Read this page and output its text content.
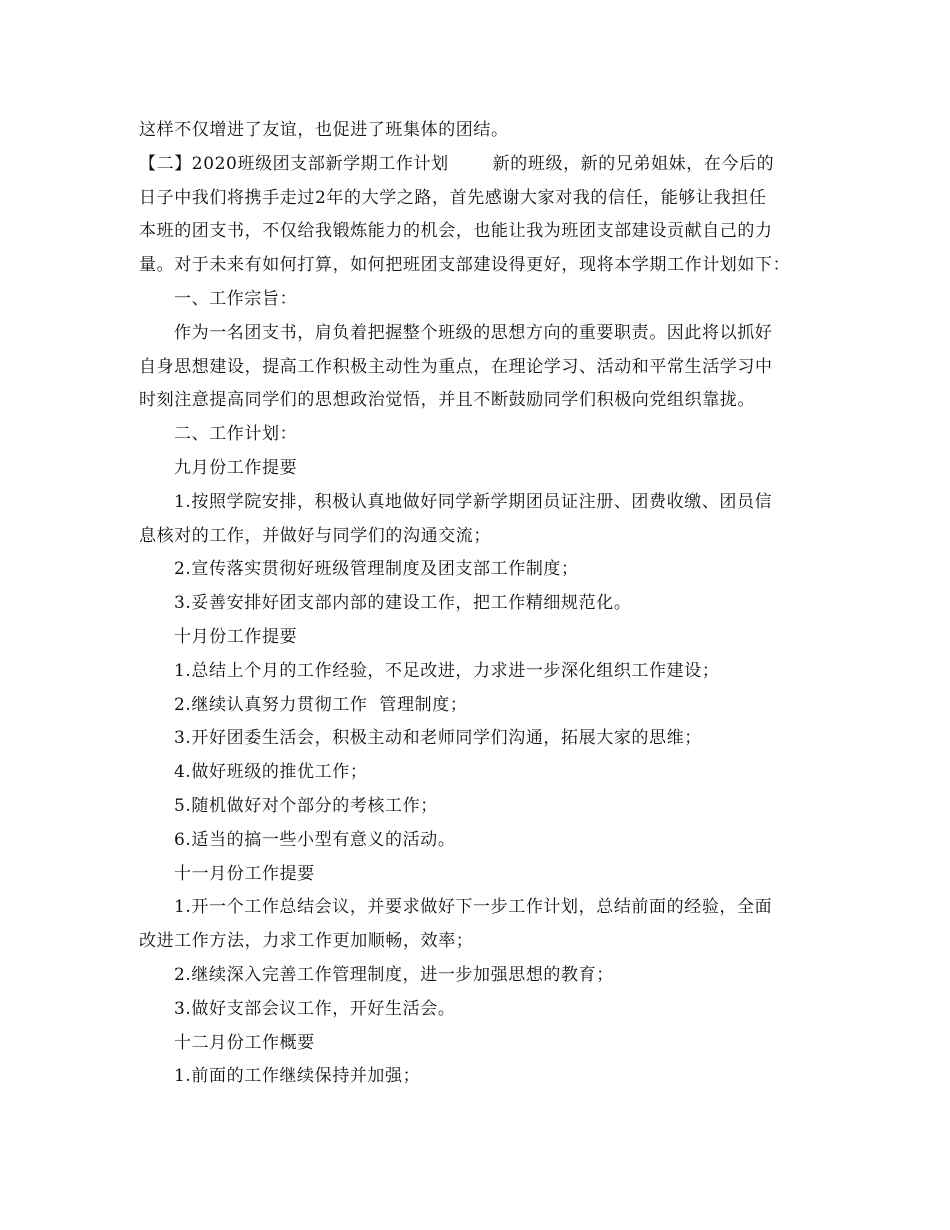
这样不仅增进了友谊，也促进了班集体的团结。

【二】2020班级团支部新学期工作计划	新的班级，新的兄弟姐妹，在今后的

日子中我们将携手走过2年的大学之路，首先感谢大家对我的信任，能够让我担任

本班的团支书，不仅给我锻炼能力的机会，也能让我为班团支部建设贡献自己的力

量。对于未来有如何打算，如何把班团支部建设得更好，现将本学期工作计划如下：

一、工作宗旨：

作为一名团支书，肩负着把握整个班级的思想方向的重要职责。因此将以抓好

自身思想建设，提高工作积极主动性为重点，在理论学习、活动和平常生活学习中

时刻注意提高同学们的思想政治觉悟，并且不断鼓励同学们积极向党组织靠拢。

二、工作计划：

九月份工作提要

1.按照学院安排，积极认真地做好同学新学期团员证注册、团费收缴、团员信

息核对的工作，并做好与同学们的沟通交流；

2.宣传落实贯彻好班级管理制度及团支部工作制度；

3.妥善安排好团支部内部的建设工作，把工作精细规范化。

十月份工作提要

1.总结上个月的工作经验，不足改进，力求进一步深化组织工作建设；

2.继续认真努力贯彻工作  管理制度；

3.开好团委生活会，积极主动和老师同学们沟通，拓展大家的思维；

4.做好班级的推优工作；

5.随机做好对个部分的考核工作；

6.适当的搞一些小型有意义的活动。

十一月份工作提要

1.开一个工作总结会议，并要求做好下一步工作计划，总结前面的经验，全面

改进工作方法，力求工作更加顺畅，效率；

2.继续深入完善工作管理制度，进一步加强思想的教育；

3.做好支部会议工作，开好生活会。

十二月份工作概要

1.前面的工作继续保持并加强；
